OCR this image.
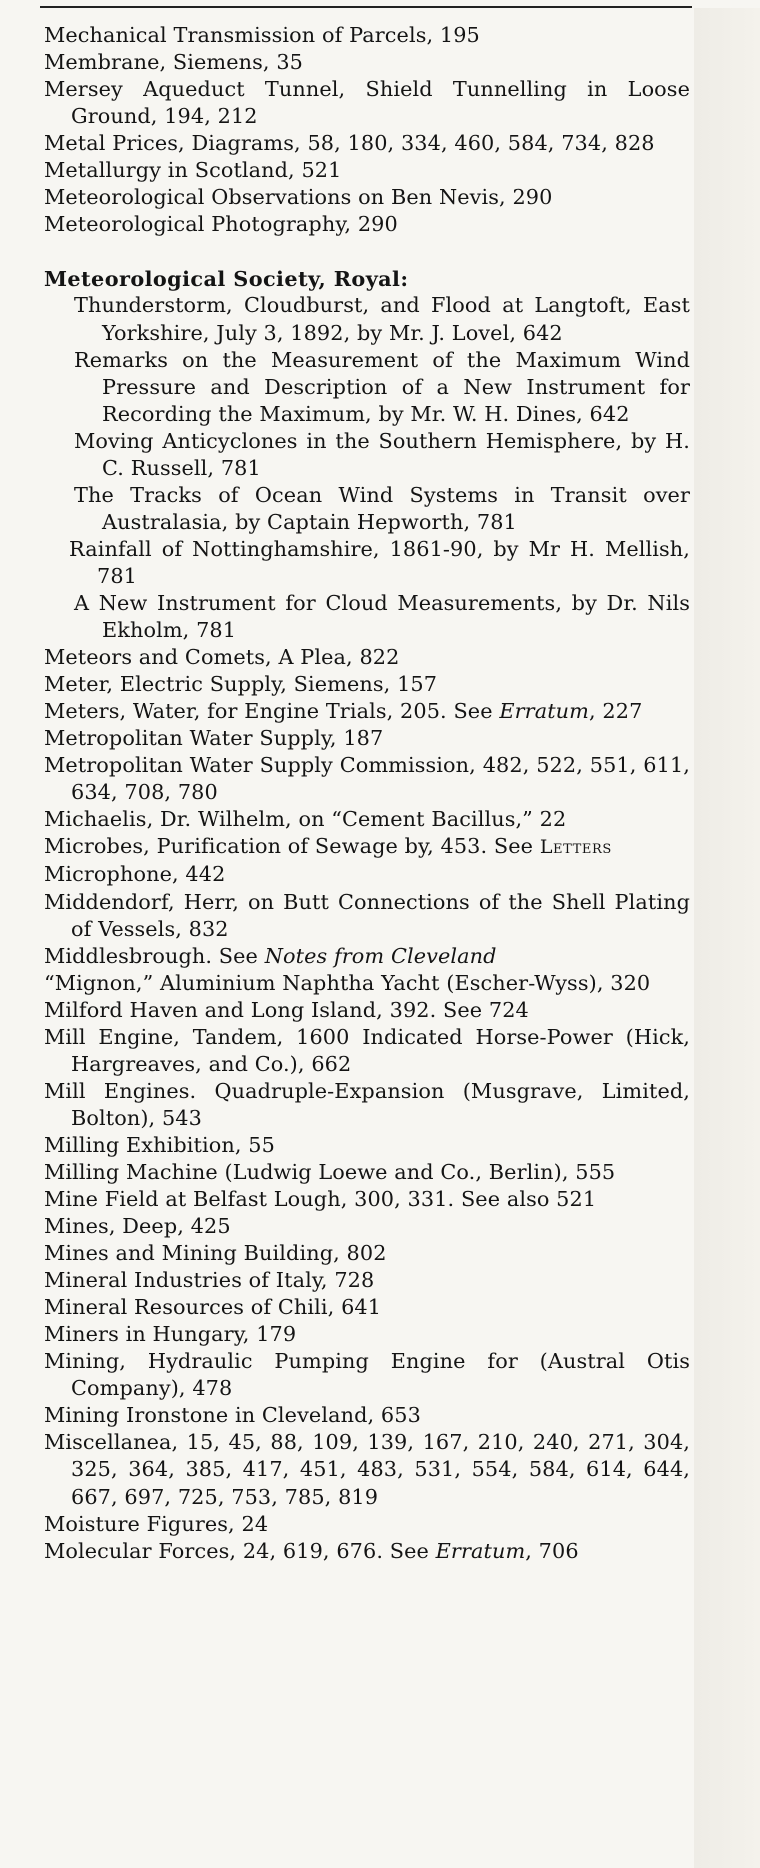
Mechanical Transmission of Parcels, 195
Membrane, Siemens, 35
Mersey Aqueduct Tunnel, Shield Tunnelling in Loose Ground, 194, 212
Metal Prices, Diagrams, 58, 180, 334, 460, 584, 734, 828
Metallurgy in Scotland, 521
Meteorological Observations on Ben Nevis, 290
Meteorological Photography, 290
Meteorological Society, Royal:
Thunderstorm, Cloudburst, and Flood at Langtoft, East Yorkshire, July 3, 1892, by Mr. J. Lovel, 642
Remarks on the Measurement of the Maximum Wind Pressure and Description of a New Instrument for Recording the Maximum, by Mr. W. H. Dines, 642
Moving Anticyclones in the Southern Hemisphere, by H. C. Russell, 781
The Tracks of Ocean Wind Systems in Transit over Australasia, by Captain Hepworth, 781
Rainfall of Nottinghamshire, 1861-90, by Mr H. Mellish, 781
A New Instrument for Cloud Measurements, by Dr. Nils Ekholm, 781
Meteors and Comets, A Plea, 822
Meter, Electric Supply, Siemens, 157
Meters, Water, for Engine Trials, 205. See Erratum, 227
Metropolitan Water Supply, 187
Metropolitan Water Supply Commission, 482, 522, 551, 611, 634, 708, 780
Michaelis, Dr. Wilhelm, on “Cement Bacillus,” 22
Microbes, Purification of Sewage by, 453. See Letters
Microphone, 442
Middendorf, Herr, on Butt Connections of the Shell Plating of Vessels, 832
Middlesbrough. See Notes from Cleveland
“Mignon,” Aluminium Naphtha Yacht (Escher-Wyss), 320
Milford Haven and Long Island, 392. See 724
Mill Engine, Tandem, 1600 Indicated Horse-Power (Hick, Hargreaves, and Co.), 662
Mill Engines. Quadruple-Expansion (Musgrave, Limited, Bolton), 543
Milling Exhibition, 55
Milling Machine (Ludwig Loewe and Co., Berlin), 555
Mine Field at Belfast Lough, 300, 331. See also 521
Mines, Deep, 425
Mines and Mining Building, 802
Mineral Industries of Italy, 728
Mineral Resources of Chili, 641
Miners in Hungary, 179
Mining, Hydraulic Pumping Engine for (Austral Otis Company), 478
Mining Ironstone in Cleveland, 653
Miscellanea, 15, 45, 88, 109, 139, 167, 210, 240, 271, 304, 325, 364, 385, 417, 451, 483, 531, 554, 584, 614, 644, 667, 697, 725, 753, 785, 819
Moisture Figures, 24
Molecular Forces, 24, 619, 676. See Erratum, 706
